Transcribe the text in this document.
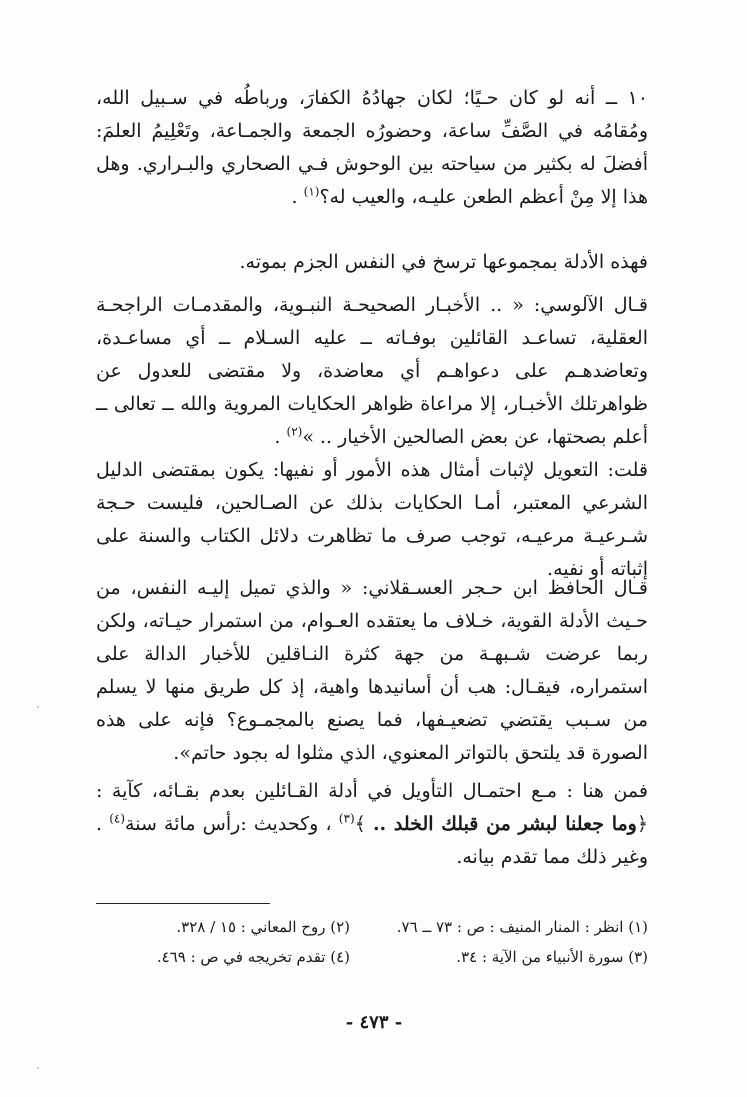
١٠ ــ أنه لو كان حـيًا؛ لكان جهادُهُ الكفارَ، ورباطُه في سـبيل الله، ومُقامُه في الصَّفِّ ساعة، وحضورُه الجمعة والجمـاعة، وتَعْلِيمُ العلمَ: أفضلَ له بكثير من سياحته بين الوحوش فـي الصحاري والبـراري. وهل هذا إلا مِنْ أعظم الطعن عليـه، والعيب له؟$^{(١)}$ .

فهذه الأدلة بمجموعها ترسخ في النفس الجزم بموته.

قـال الآلوسي: « .. الأخبـار الصحيحـة النبـوية، والمقدمـات الراجحـة العقلية، تساعـد القائلين بوفـاته ــ عليه السـلام ــ أي مساعـدة، وتعاضدهـم على دعواهـم أي معاضدة، ولا مقتضى للعدول عن ظواهرتلك الأخبـار، إلا مراعاة ظواهر الحكايات المروية والله ــ تعالى ــ أعلم بصحتها، عن بعض الصالحين الأخيار .. »$^{(٢)}$ .

قلت: التعويل لإثبات أمثال هذه الأمور أو نفيها: يكون بمقتضى الدليل الشرعي المعتبر، أمـا الحكايات بذلك عن الصـالحين، فليست حـجة شـرعيـة مرعيـه، توجب صرف ما تظاهرت دلائل الكتاب والسنة على إثباته أو نفيه.

قـال الحافظ ابن حـجر العسـقلاني: « والذي تميل إليـه النفس، من حـيث الأدلة القوية، خـلاف ما يعتقده العـوام، من استمرار حيـاته، ولكن ربما عرضت شـبهـة من جهة كثرة النـاقلين للأخبار الدالة على استمراره، فيقـال: هب أن أسانيدها واهية، إذ كل طريق منها لا يسلم من سـبب يقتضي تضعيـفها، فما يصنع بالمجمـوع؟ فإنه على هذه الصورة قد يلتحق بالتواتر المعنوي، الذي مثلوا له بجود حاتم».

فمن هنا : مـع احتمـال التأويل في أدلة القـائلين بعدم بقـائه، كآية : ﴿وما جعلنا لبشر من قبلك الخلد .. ﴾$^{(٣)}$ ، وكحديث :رأس مائة سنة$^{(٤)}$ . وغير ذلك مما تقدم بيانه.

(١) انظر : المنار المنيف : ص : ٧٣ ــ ٧٦.
(٢) روح المعاني : ١٥ / ٣٢٨.
(٣) سورة الأنبياء من الآية : ٣٤.
(٤) تقدم تخريجه في ص : ٤٦٩.
- ٤٧٣ -
